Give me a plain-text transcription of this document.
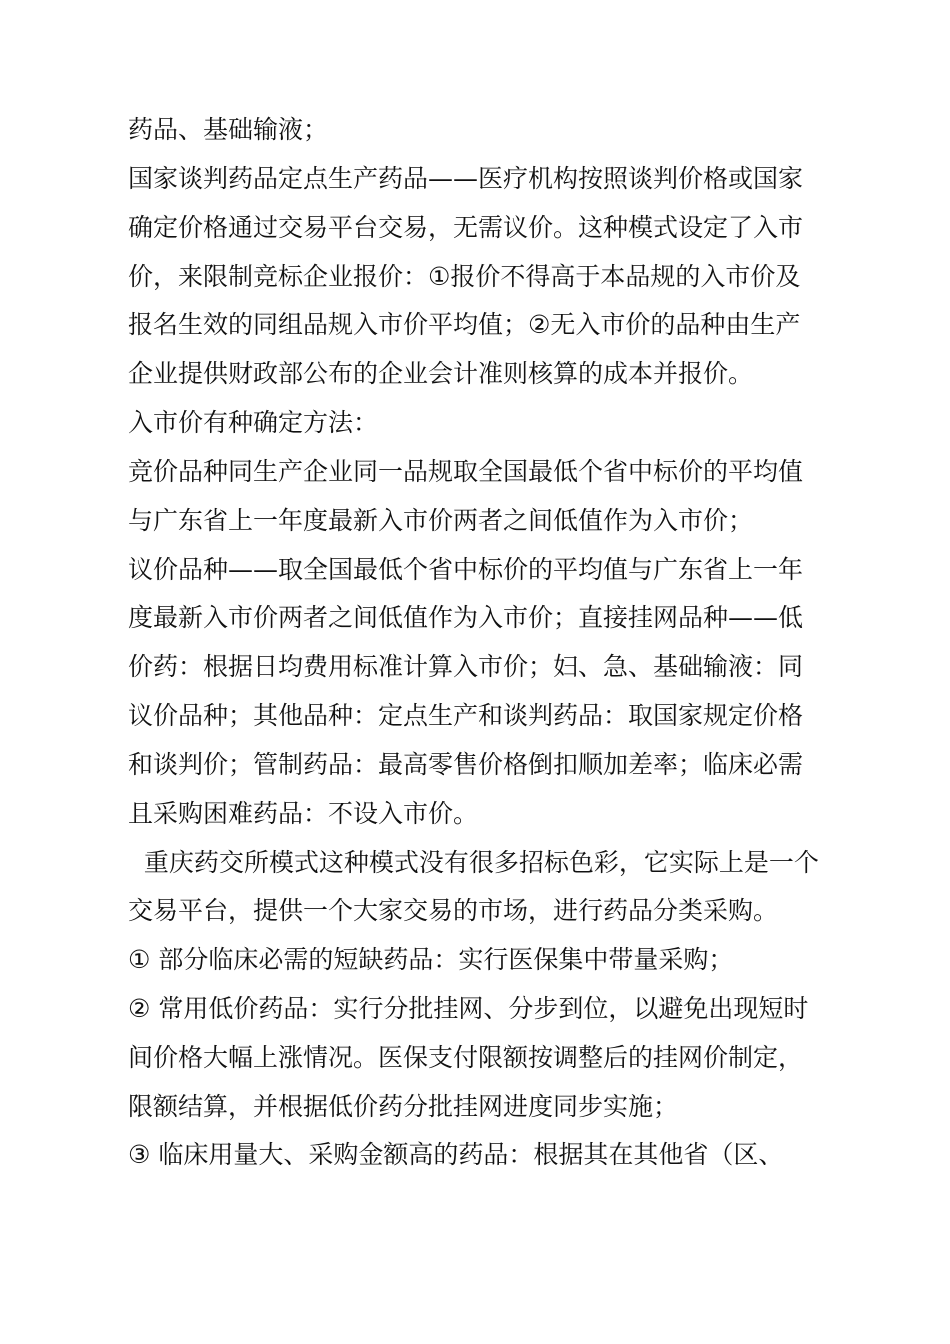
药品、基础输液；

国家谈判药品定点生产药品——医疗机构按照谈判价格或国家

确定价格通过交易平台交易，无需议价。这种模式设定了入市

价，来限制竞标企业报价：①报价不得高于本品规的入市价及

报名生效的同组品规入市价平均值；②无入市价的品种由生产

企业提供财政部公布的企业会计准则核算的成本并报价。

入市价有种确定方法：

竞价品种同生产企业同一品规取全国最低个省中标价的平均值

与广东省上一年度最新入市价两者之间低值作为入市价；

议价品种——取全国最低个省中标价的平均值与广东省上一年

度最新入市价两者之间低值作为入市价；直接挂网品种——低

价药：根据日均费用标准计算入市价；妇、急、基础输液：同

议价品种；其他品种：定点生产和谈判药品：取国家规定价格

和谈判价；管制药品：最高零售价格倒扣顺加差率；临床必需

且采购困难药品：不设入市价。

重庆药交所模式这种模式没有很多招标色彩，它实际上是一个

交易平台，提供一个大家交易的市场，进行药品分类采购。

① 部分临床必需的短缺药品：实行医保集中带量采购；

② 常用低价药品：实行分批挂网、分步到位，以避免出现短时

间价格大幅上涨情况。医保支付限额按调整后的挂网价制定，

限额结算，并根据低价药分批挂网进度同步实施；

③ 临床用量大、采购金额高的药品：根据其在其他省（区、
